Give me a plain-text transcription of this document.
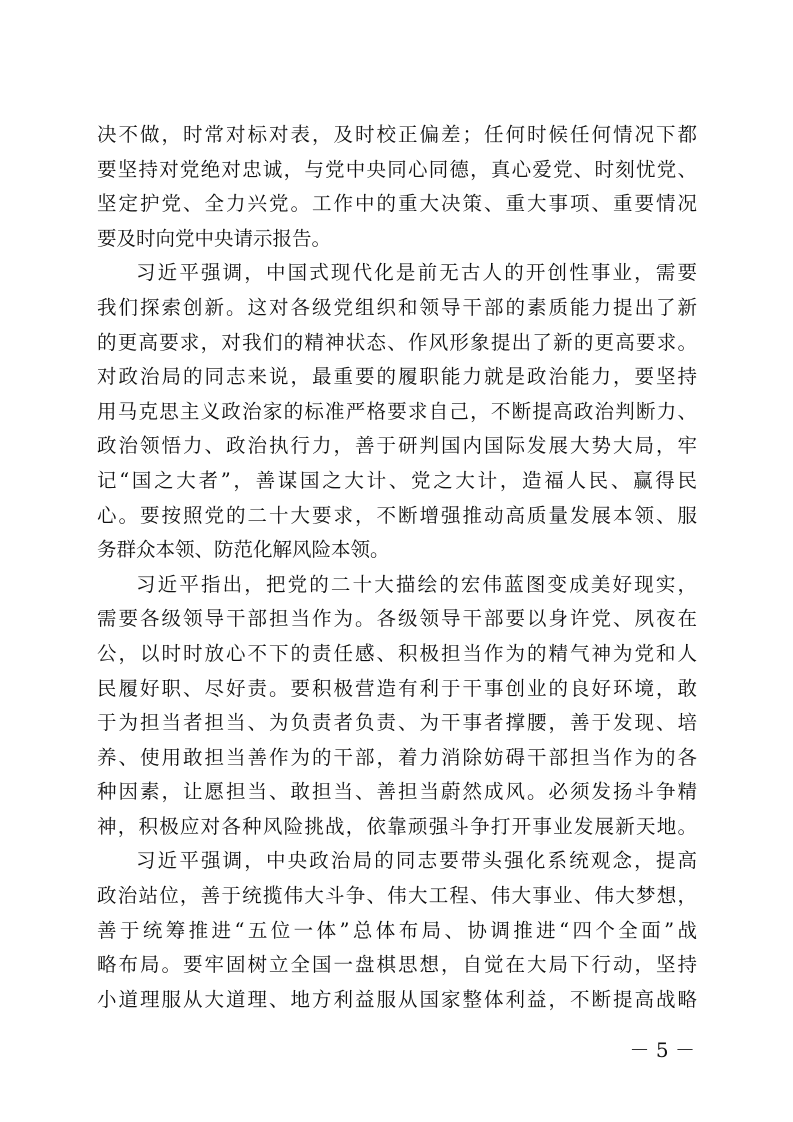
决不做，时常对标对表，及时校正偏差；任何时候任何情况下都
要坚持对党绝对忠诚，与党中央同心同德，真心爱党、时刻忧党、
坚定护党、全力兴党。工作中的重大决策、重大事项、重要情况
要及时向党中央请示报告。
习近平强调，中国式现代化是前无古人的开创性事业，需要
我们探索创新。这对各级党组织和领导干部的素质能力提出了新
的更高要求，对我们的精神状态、作风形象提出了新的更高要求。
对政治局的同志来说，最重要的履职能力就是政治能力，要坚持
用马克思主义政治家的标准严格要求自己，不断提高政治判断力、
政治领悟力、政治执行力，善于研判国内国际发展大势大局，牢
记“国之大者”，善谋国之大计、党之大计，造福人民、赢得民
心。要按照党的二十大要求，不断增强推动高质量发展本领、服
务群众本领、防范化解风险本领。
习近平指出，把党的二十大描绘的宏伟蓝图变成美好现实，
需要各级领导干部担当作为。各级领导干部要以身许党、夙夜在
公，以时时放心不下的责任感、积极担当作为的精气神为党和人
民履好职、尽好责。要积极营造有利于干事创业的良好环境，敢
于为担当者担当、为负责者负责、为干事者撑腰，善于发现、培
养、使用敢担当善作为的干部，着力消除妨碍干部担当作为的各
种因素，让愿担当、敢担当、善担当蔚然成风。必须发扬斗争精
神，积极应对各种风险挑战，依靠顽强斗争打开事业发展新天地。
习近平强调，中央政治局的同志要带头强化系统观念，提高
政治站位，善于统揽伟大斗争、伟大工程、伟大事业、伟大梦想，
善于统筹推进“五位一体”总体布局、协调推进“四个全面”战
略布局。要牢固树立全国一盘棋思想，自觉在大局下行动，坚持
小道理服从大道理、地方利益服从国家整体利益，不断提高战略
－ 5 －
